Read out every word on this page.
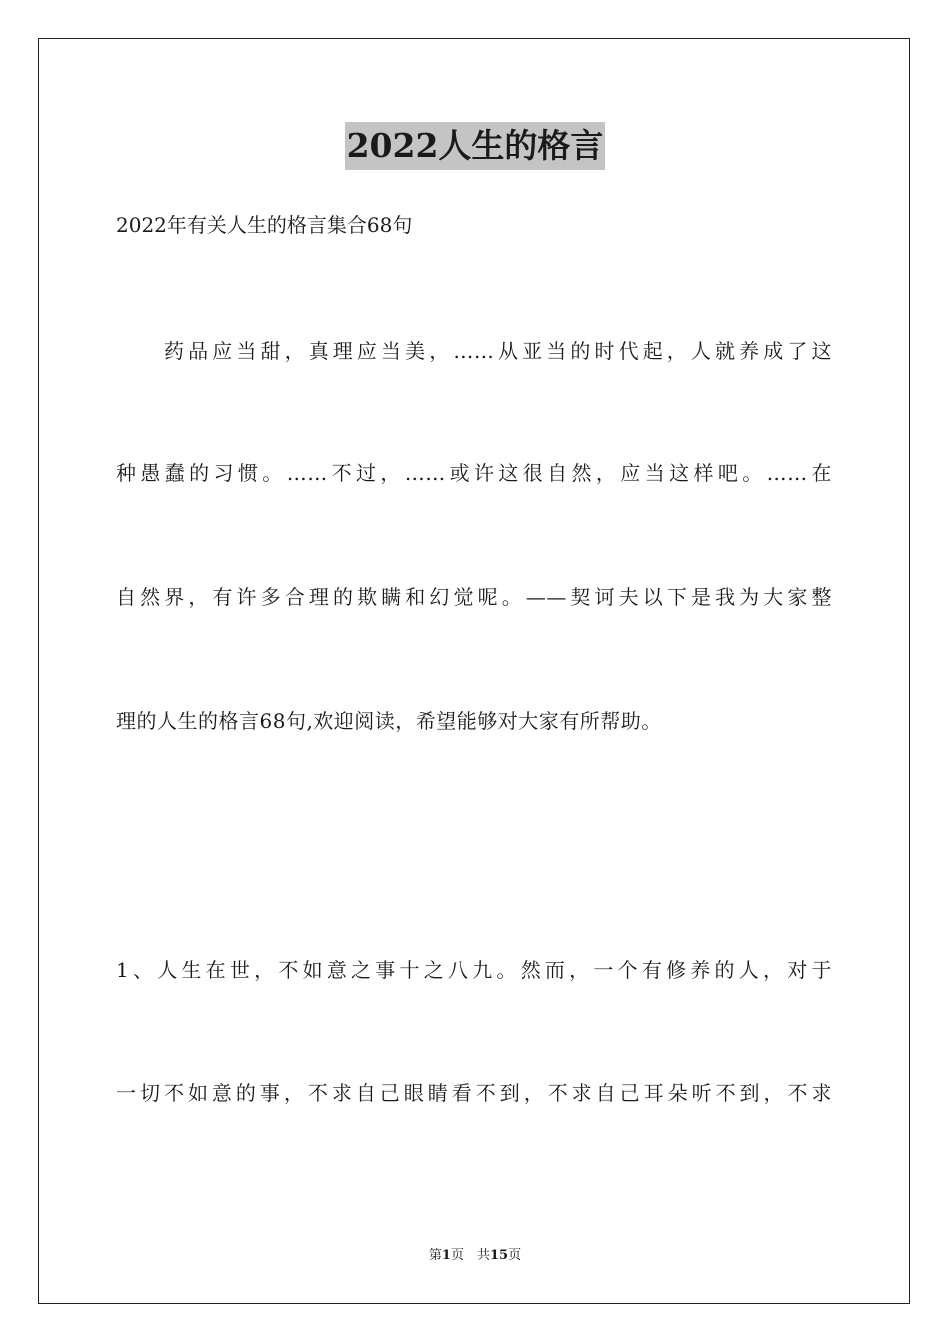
2022人生的格言
2022年有关人生的格言集合68句
药品应当甜，真理应当美，……从亚当的时代起，人就养成了这
种愚蠢的习惯。……不过，……或许这很自然，应当这样吧。……在
自然界，有许多合理的欺瞒和幻觉呢。——契诃夫以下是我为大家整
理的人生的格言68句,欢迎阅读，希望能够对大家有所帮助。
1、人生在世，不如意之事十之八九。然而，一个有修养的人，对于
一切不如意的事，不求自己眼睛看不到，不求自己耳朵听不到，不求
第1页　共15页
